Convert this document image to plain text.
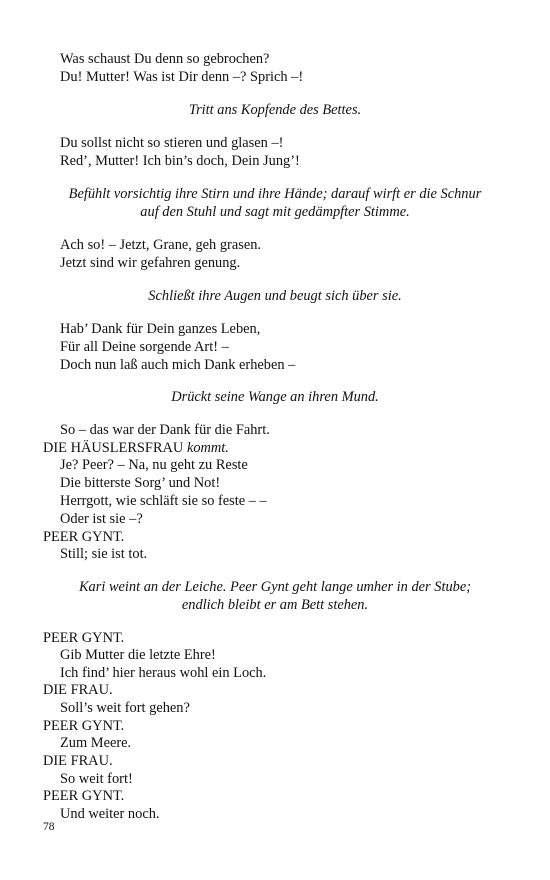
Was schaust Du denn so gebrochen?
Du! Mutter! Was ist Dir denn –? Sprich –!
Tritt ans Kopfende des Bettes.
Du sollst nicht so stieren und glasen –!
Red’, Mutter! Ich bin’s doch, Dein Jung’!
Befühlt vorsichtig ihre Stirn und ihre Hände; darauf wirft er die Schnur
auf den Stuhl und sagt mit gedämpfter Stimme.
Ach so! – Jetzt, Grane, geh grasen.
Jetzt sind wir gefahren genung.
Schließt ihre Augen und beugt sich über sie.
Hab’ Dank für Dein ganzes Leben,
Für all Deine sorgende Art! –
Doch nun laß auch mich Dank erheben –
Drückt seine Wange an ihren Mund.
So – das war der Dank für die Fahrt.
DIE HÄUSLERSFRAU kommt.
Je? Peer? – Na, nu geht zu Reste
Die bitterste Sorg’ und Not!
Herrgott, wie schläft sie so feste – –
Oder ist sie –?
PEER GYNT.
Still; sie ist tot.
Kari weint an der Leiche. Peer Gynt geht lange umher in der Stube;
endlich bleibt er am Bett stehen.
PEER GYNT.
Gib Mutter die letzte Ehre!
Ich find’ hier heraus wohl ein Loch.
DIE FRAU.
Soll’s weit fort gehen?
PEER GYNT.
Zum Meere.
DIE FRAU.
So weit fort!
PEER GYNT.
Und weiter noch.
78
